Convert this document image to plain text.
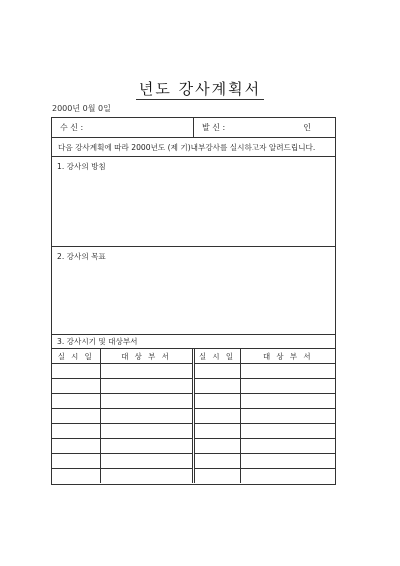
년도 강사계획서
2000년 0월 0일
수 신 :	발 신 :	인
다음 강사계획에 따라 2000년도 (제 기)내부강사를 실시하고자 알려드립니다.
1. 강사의 방침
2. 강사의 목표
3. 강사시기 및 대상부서
실 시 일	대 상 부 서	실 시 일	대 상 부 서
